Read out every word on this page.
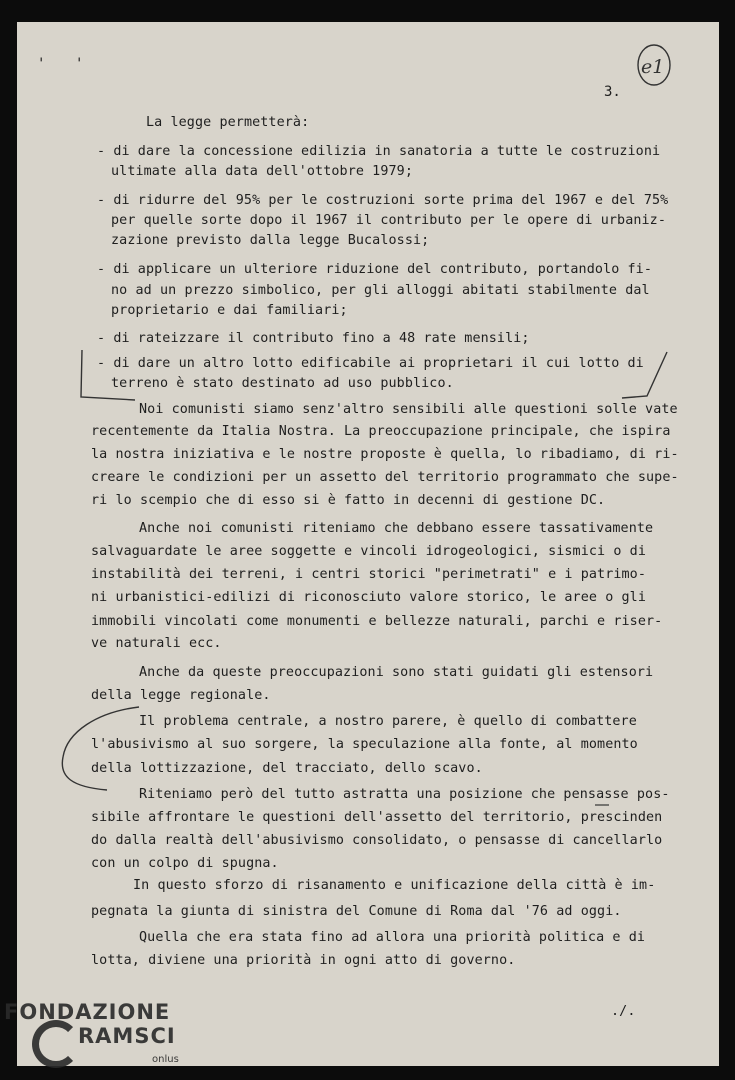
' '
3.
La legge permetterà:
- di dare la concessione edilizia in sanatoria a tutte le costruzioni
ultimate alla data dell'ottobre 1979;
- di ridurre del 95% per le costruzioni sorte prima del 1967 e del 75%
per quelle sorte dopo il 1967 il contributo per le opere di urbaniz-
zazione previsto dalla legge Bucalossi;
- di applicare un ulteriore riduzione del contributo, portandolo fi-
no ad un prezzo simbolico, per gli alloggi abitati stabilmente dal
proprietario e dai familiari;
- di rateizzare il contributo fino a 48 rate mensili;
- di dare un altro lotto edificabile ai proprietari il cui lotto di
terreno è stato destinato ad uso pubblico.
Noi comunisti siamo senz'altro sensibili alle questioni solle vate
recentemente da Italia Nostra. La preoccupazione principale, che ispira
la nostra iniziativa e le nostre proposte è quella, lo ribadiamo, di ri-
creare le condizioni per un assetto del territorio programmato che supe-
ri lo scempio che di esso si è fatto in decenni di gestione DC.
Anche noi comunisti riteniamo che debbano essere tassativamente
salvaguardate le aree soggette e vincoli idrogeologici, sismici o di
instabilità dei terreni, i centri storici "perimetrati" e i patrimo-
ni urbanistici-edilizi di riconosciuto valore storico, le aree o gli
immobili vincolati come monumenti e bellezze naturali, parchi e riser-
ve naturali ecc.
Anche da queste preoccupazioni sono stati guidati gli estensori
della legge regionale.
Il problema centrale, a nostro parere, è quello di combattere
l'abusivismo al suo sorgere, la speculazione alla fonte, al momento
della lottizzazione, del tracciato, dello scavo.
Riteniamo però del tutto astratta una posizione che pensasse pos-
sibile affrontare le questioni dell'assetto del territorio, prescinden
do dalla realtà dell'abusivismo consolidato, o pensasse di cancellarlo
con un colpo di spugna.
In questo sforzo di risanamento e unificazione della città è im-
pegnata la giunta di sinistra del Comune di Roma dal '76 ad oggi.
Quella che era stata fino ad allora una priorità politica e di
lotta, diviene una priorità in ogni atto di governo.
./.
e1
FONDAZIONE
RAMSCI
onlus
